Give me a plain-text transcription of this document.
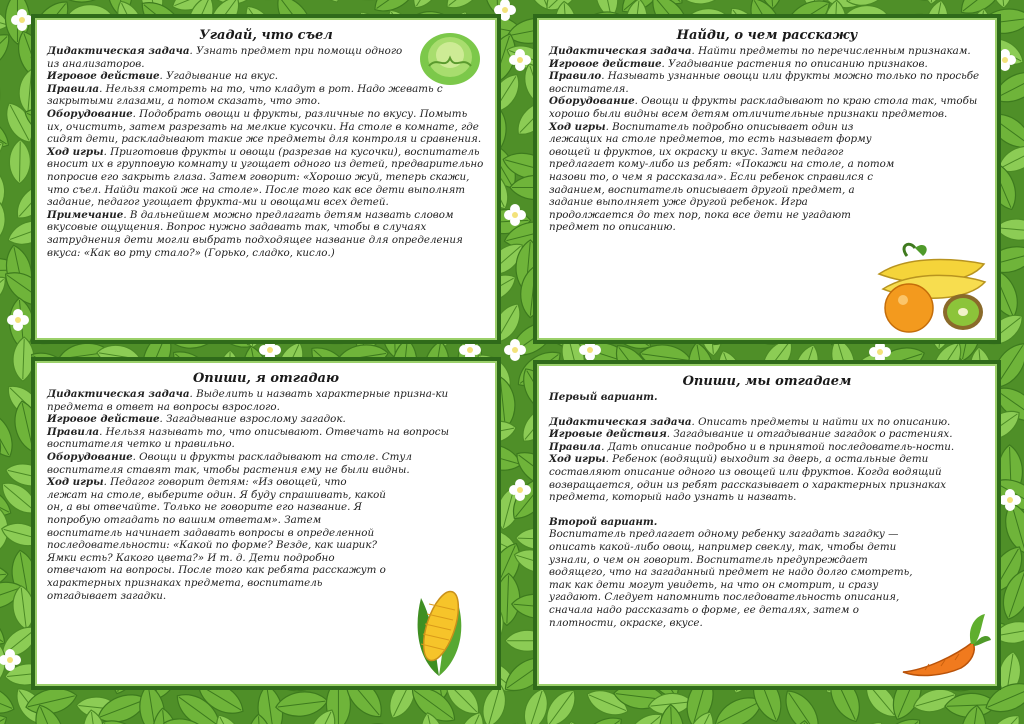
Угадай, что съел

Дидактическая задача. Узнать предмет при помощи одного из анализаторов.

Игровое действие. Угадывание на вкус.

Правила. Нельзя смотреть на то, что кладут в рот. Надо жевать с закрытыми глазами, а потом сказать, что это.

Оборудование. Подобрать овощи и фрукты, различные по вкусу. Помыть их, очистить, затем разрезать на мелкие кусочки. На столе в комнате, где сидят дети, раскладывают такие же предметы для контроля и сравнения.

Ход игры. Приготовив фрукты и овощи (разрезав на кусочки), воспитатель вносит их в групповую комнату и угощает одного из детей, предварительно попросив его закрыть глаза. Затем говорит: «Хорошо жуй, теперь скажи, что съел. Найди такой же на столе». После того как все дети выполнят задание, педагог угощает фрукта-ми и овощами всех детей.

Примечание. В дальнейшем можно предлагать детям назвать словом вкусовые ощущения. Вопрос нужно задавать так, чтобы в случаях затруднения дети могли выбрать подходящее название для определения вкуса: «Как во рту стало?» (Горько, сладко, кисло.)

Найди, о чем расскажу

Дидактическая задача. Найти предметы по перечисленным признакам.

Игровое действие. Угадывание растения по описанию признаков.

Правило. Называть узнанные овощи или фрукты можно только по просьбе воспитателя.

Оборудование. Овощи и фрукты раскладывают по краю стола так, чтобы хорошо были видны всем детям отличительные признаки предметов.

Ход игры. Воспитатель подробно описывает один из лежащих на столе предметов, то есть называет форму овощей и фруктов, их окраску и вкус. Затем педагог предлагает кому-либо из ребят: «Покажи на столе, а потом назови то, о чем я рассказала». Если ребенок справился с заданием, воспитатель описывает другой предмет, а задание выполняет уже другой ребенок. Игра продолжается до тех пор, пока все дети не угадают предмет по описанию.

Опиши, я отгадаю

Дидактическая задача. Выделить и назвать характерные призна-ки предмета в ответ на вопросы взрослого.

Игровое действие. Загадывание взрослому загадок.

Правила. Нельзя называть то, что описывают. Отвечать на вопросы воспитателя четко и правильно.

Оборудование. Овощи и фрукты раскладывают на столе. Стул воспитателя ставят так, чтобы растения ему не были видны.

Ход игры. Педагог говорит детям: «Из овощей, что лежат на столе, выберите один. Я буду спрашивать, какой он, а вы отвечайте. Только не говорите его название. Я попробую отгадать по вашим ответам». Затем воспитатель начинает задавать вопросы в определенной последовательности: «Какой по форме? Везде, как шарик? Ямки есть? Какого цвета?» И т. д. Дети подробно отвечают на вопросы. После того как ребята расскажут о характерных признаках предмета, воспитатель отгадывает загадки.

Опиши, мы отгадаем

Первый вариант.

Дидактическая задача. Описать предметы и найти их по описанию.

Игровые действия. Загадывание и отгадывание загадок о растениях.

Правила. Дать описание подробно и в принятой последователь-ности.

Ход игры. Ребенок (водящий) выходит за дверь, а остальные дети составляют описание одного из овощей или фруктов. Когда водящий возвращается, один из ребят рассказывает о характерных признаках предмета, который надо узнать и назвать.

Второй вариант.

Воспитатель предлагает одному ребенку загадать загадку — описать какой-либо овощ, например свеклу, так, чтобы дети узнали, о чем он говорит. Воспитатель предупреждает водящего, что на загаданный предмет не надо долго смотреть, так как дети могут увидеть, на что он смотрит, и сразу угадают. Следует напомнить последовательность описания, сначала надо рассказать о форме, ее деталях, затем о плотности, окраске, вкусе.
